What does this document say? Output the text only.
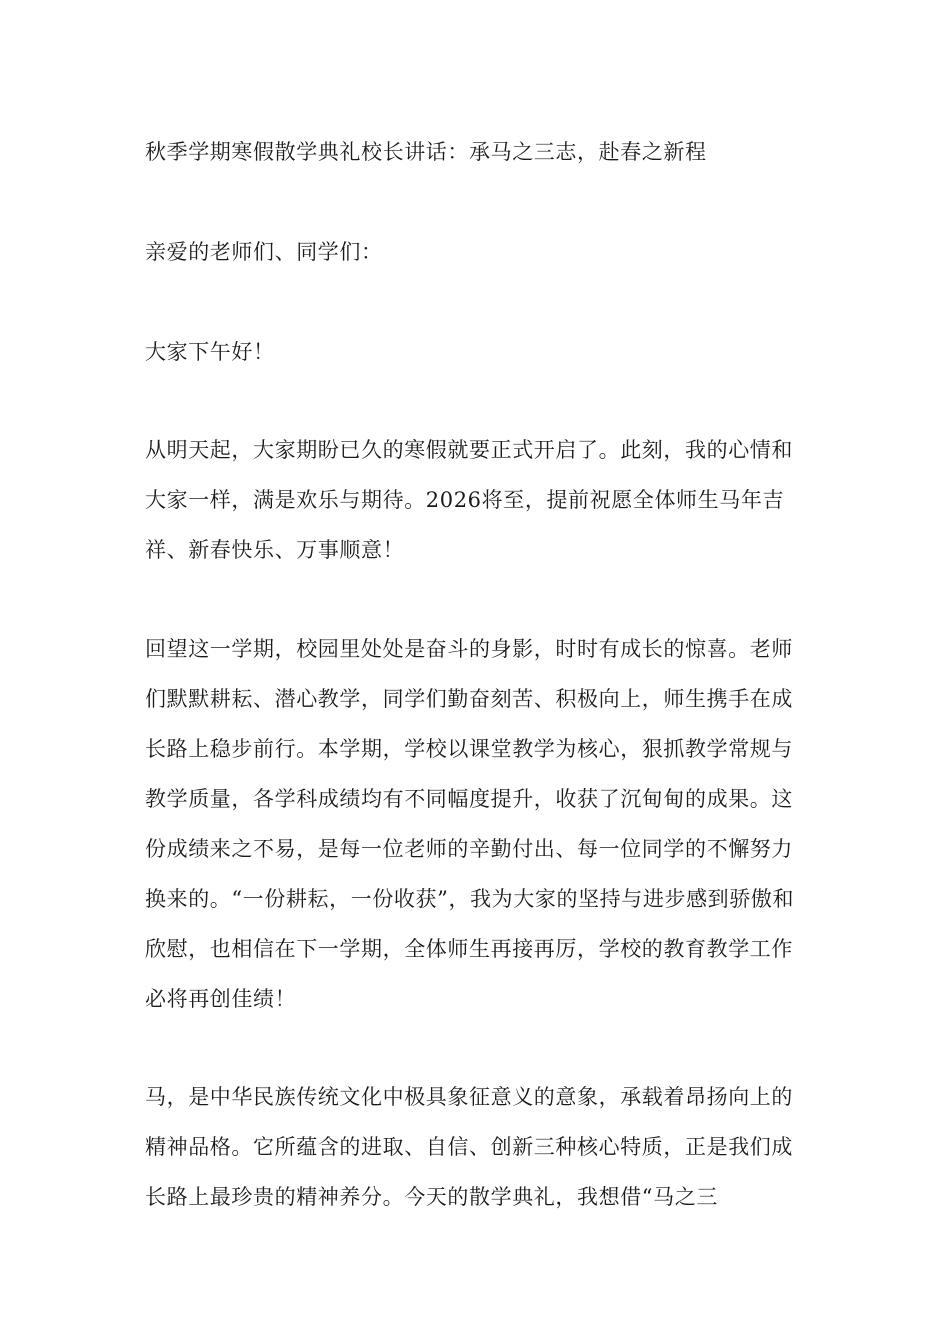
秋季学期寒假散学典礼校长讲话：承马之三志，赴春之新程

亲爱的老师们、同学们：

大家下午好！

从明天起，大家期盼已久的寒假就要正式开启了。此刻，我的心情和大家一样，满是欢乐与期待。2026将至，提前祝愿全体师生马年吉祥、新春快乐、万事顺意！

回望这一学期，校园里处处是奋斗的身影，时时有成长的惊喜。老师们默默耕耘、潜心教学，同学们勤奋刻苦、积极向上，师生携手在成长路上稳步前行。本学期，学校以课堂教学为核心，狠抓教学常规与教学质量，各学科成绩均有不同幅度提升，收获了沉甸甸的成果。这份成绩来之不易，是每一位老师的辛勤付出、每一位同学的不懈努力换来的。“一份耕耘，一份收获”，我为大家的坚持与进步感到骄傲和欣慰，也相信在下一学期，全体师生再接再厉，学校的教育教学工作必将再创佳绩！

马，是中华民族传统文化中极具象征意义的意象，承载着昂扬向上的精神品格。它所蕴含的进取、自信、创新三种核心特质，正是我们成长路上最珍贵的精神养分。今天的散学典礼，我想借“马之三
